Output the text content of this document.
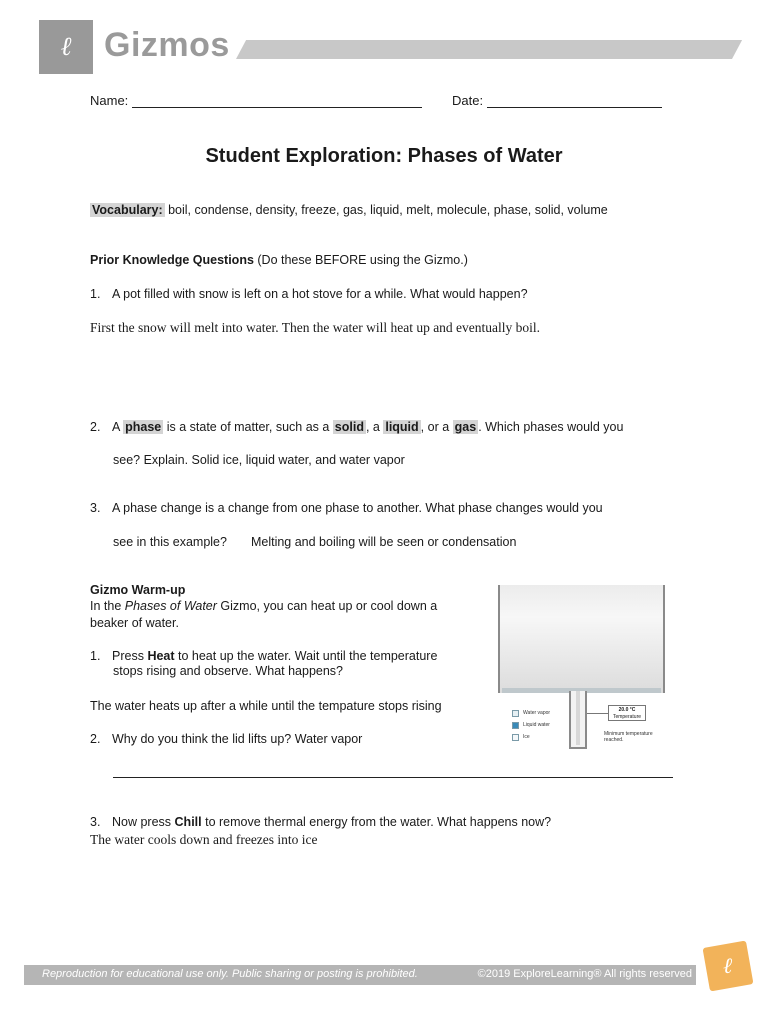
ℓ Gizmos
Name:	Date:
Student Exploration: Phases of Water
Vocabulary: boil, condense, density, freeze, gas, liquid, melt, molecule, phase, solid, volume
Prior Knowledge Questions (Do these BEFORE using the Gizmo.)
1. A pot filled with snow is left on a hot stove for a while. What would happen?
First the snow will melt into water. Then the water will heat up and eventually boil.
2. A phase is a state of matter, such as a solid , a liquid , or a gas . Which phases would you
see? Explain. Solid ice, liquid water, and water vapor
3. A phase change is a change from one phase to another. What phase changes would you
see in this example? Melting and boiling will be seen or condensation
Gizmo Warm-up
In the Phases of Water Gizmo, you can heat up or cool down a
beaker of water.
1. Press Heat to heat up the water. Wait until the temperature
stops rising and observe. What happens?
The water heats up after a while until the tempature stops rising
2. Why do you think the lid lifts up? Water vapor
3. Now press Chill to remove thermal energy from the water. What happens now?
The water cools down and freezes into ice
Water vapor
Liquid water
Ice
20.0 °C
Temperature
Minimum temperature reached.
Reproduction for educational use only. Public sharing or posting is prohibited.	©2019 ExploreLearning® All rights reserved ℓ
